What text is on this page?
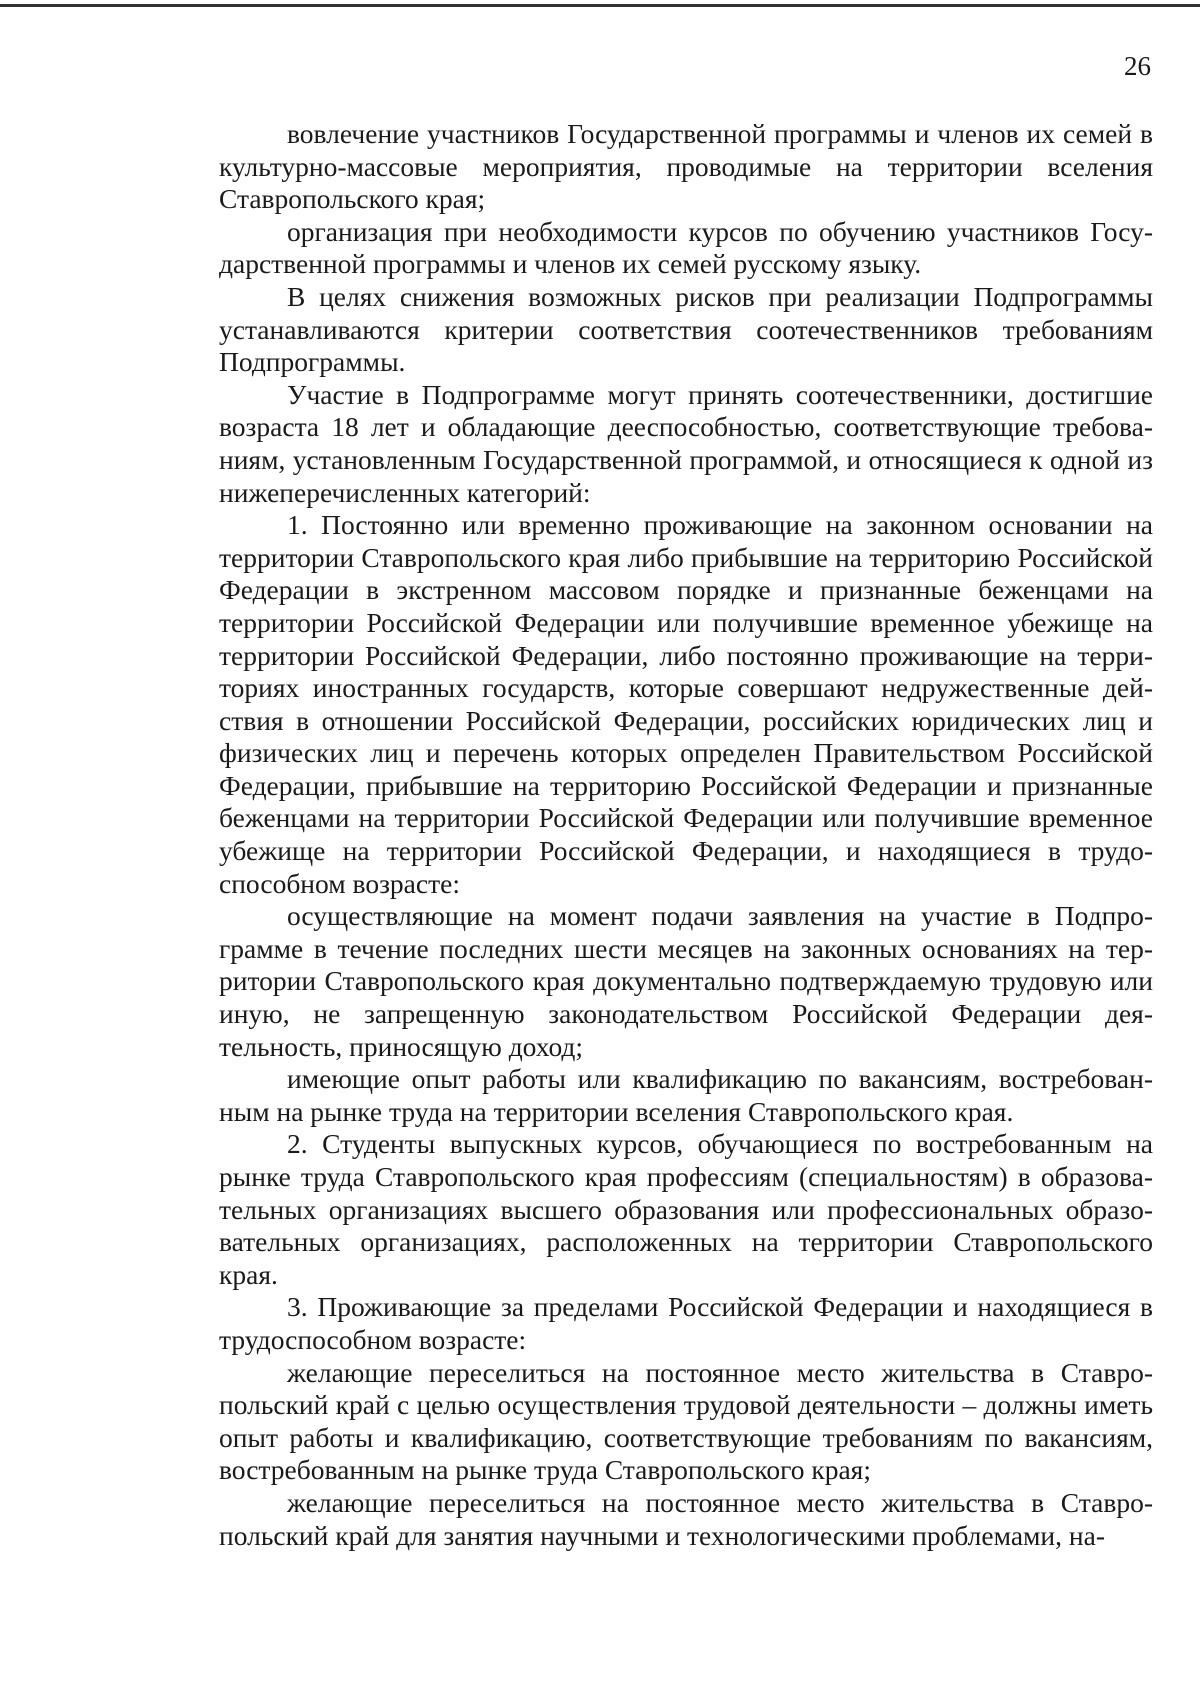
26

вовлечение участников Государственной программы и членов их семей в культурно-массовые мероприятия, проводимые на территории вселения Ставропольского края;

организация при необходимости курсов по обучению участников Государственной программы и членов их семей русскому языку.

В целях снижения возможных рисков при реализации Подпрограммы устанавливаются критерии соответствия соотечественников требованиям Подпрограммы.

Участие в Подпрограмме могут принять соотечественники, достигшие возраста 18 лет и обладающие дееспособностью, соответствующие требованиям, установленным Государственной программой, и относящиеся к одной из нижеперечисленных категорий:

1. Постоянно или временно проживающие на законном основании на территории Ставропольского края либо прибывшие на территорию Российской Федерации в экстренном массовом порядке и признанные беженцами на территории Российской Федерации или получившие временное убежище на территории Российской Федерации, либо постоянно проживающие на территориях иностранных государств, которые совершают недружественные действия в отношении Российской Федерации, российских юридических лиц и физических лиц и перечень которых определен Правительством Российской Федерации, прибывшие на территорию Российской Федерации и признанные беженцами на территории Российской Федерации или получившие временное убежище на территории Российской Федерации, и находящиеся в трудоспособном возрасте:

осуществляющие на момент подачи заявления на участие в Подпрограмме в течение последних шести месяцев на законных основаниях на территории Ставропольского края документально подтверждаемую трудовую или иную, не запрещенную законодательством Российской Федерации деятельность, приносящую доход;

имеющие опыт работы или квалификацию по вакансиям, востребованным на рынке труда на территории вселения Ставропольского края.

2. Студенты выпускных курсов, обучающиеся по востребованным на рынке труда Ставропольского края профессиям (специальностям) в образовательных организациях высшего образования или профессиональных образовательных организациях, расположенных на территории Ставропольского края.

3. Проживающие за пределами Российской Федерации и находящиеся в трудоспособном возрасте:

желающие переселиться на постоянное место жительства в Ставропольский край с целью осуществления трудовой деятельности – должны иметь опыт работы и квалификацию, соответствующие требованиям по вакансиям, востребованным на рынке труда Ставропольского края;

желающие переселиться на постоянное место жительства в Ставропольский край для занятия научными и технологическими проблемами, на-
